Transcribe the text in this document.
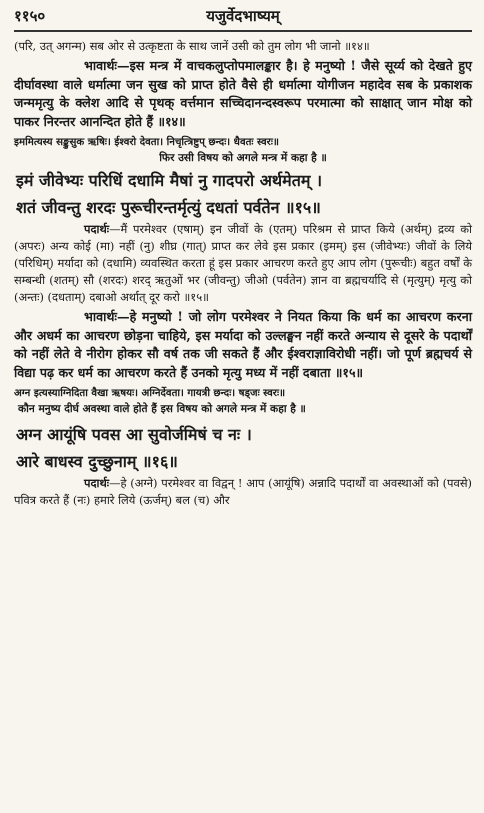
११५०	यजुर्वेदभाष्यम्

(परि, उत् अगन्म) सब ओर से उत्कृष्टता के साथ जानें उसी को तुम लोग भी जानो ॥१४॥

भावार्थः—इस मन्त्र में वाचकलुप्तोपमालङ्कार है। हे मनुष्यो ! जैसे सूर्य्य को देखते हुए दीर्घावस्था वाले धर्मात्मा जन सुख को प्राप्त होते वैसे ही धर्मात्मा योगीजन महादेव सब के प्रकाशक जन्ममृत्यु के क्लेश आदि से पृथक् वर्त्तमान सच्चिदानन्दस्वरूप परमात्मा को साक्षात् जान मोक्ष को पाकर निरन्तर आनन्दित होते हैं ॥१४॥

इममित्यस्य सङ्कुसुक ऋषिः। ईश्वरो देवता। निचृत्त्रिष्टुप् छन्दः। धैवतः स्वरः॥

फिर उसी विषय को अगले मन्त्र में कहा है ॥

इमं जीवेभ्यः परिधिं दधामि मैषां नु गादपरो अर्थमेतम् ।

शतं जीवन्तु शरदः पुरूचीरन्तर्मृत्युं दधतां पर्वतेन ॥१५॥

पदार्थः—मैं परमेश्वर (एषाम्) इन जीवों के (एतम्) परिश्रम से प्राप्त किये (अर्थम्) द्रव्य को (अपरः) अन्य कोई (मा) नहीं (नु) शीघ्र (गात्) प्राप्त कर लेवे इस प्रकार (इमम्) इस (जीवेभ्यः) जीवों के लिये (परिधिम्) मर्यादा को (दधामि) व्यवस्थित करता हूं इस प्रकार आचरण करते हुए आप लोग (पुरूचीः) बहुत वर्षों के सम्बन्धी (शतम्) सौ (शरदः) शरद् ऋतुओं भर (जीवन्तु) जीओ (पर्वतेन) ज्ञान वा ब्रह्मचर्यादि से (मृत्युम्) मृत्यु को (अन्तः) (दधताम्) दबाओ अर्थात् दूर करो ॥१५॥

भावार्थः—हे मनुष्यो ! जो लोग परमेश्वर ने नियत किया कि धर्म का आचरण करना और अधर्म का आचरण छोड़ना चाहिये, इस मर्यादा को उल्लङ्घन नहीं करते अन्याय से दूसरे के पदार्थों को नहीं लेते वे नीरोग होकर सौ वर्ष तक जी सकते हैं और ईश्वराज्ञाविरोधी नहीं। जो पूर्ण ब्रह्मचर्य से विद्या पढ़ कर धर्म का आचरण करते हैं उनको मृत्यु मध्य में नहीं दबाता ॥१५॥

अग्न इत्यस्याग्निदिता वैखा ऋषयः। अग्निर्देवता। गायत्री छन्दः। षड्जः स्वरः॥

कौन मनुष्य दीर्घ अवस्था वाले होते हैं इस विषय को अगले मन्त्र में कहा है ॥

अग्न आयूंषि पवस आ सुवोर्जमिषं च नः ।

आरे बाधस्व दुच्छुनाम् ॥१६॥

पदार्थः—हे (अग्ने) परमेश्वर वा विद्वन् ! आप (आयूंषि) अन्नादि पदार्थों वा अवस्थाओं को (पवसे) पवित्र करते हैं (नः) हमारे लिये (ऊर्जम्) बल (च) और
